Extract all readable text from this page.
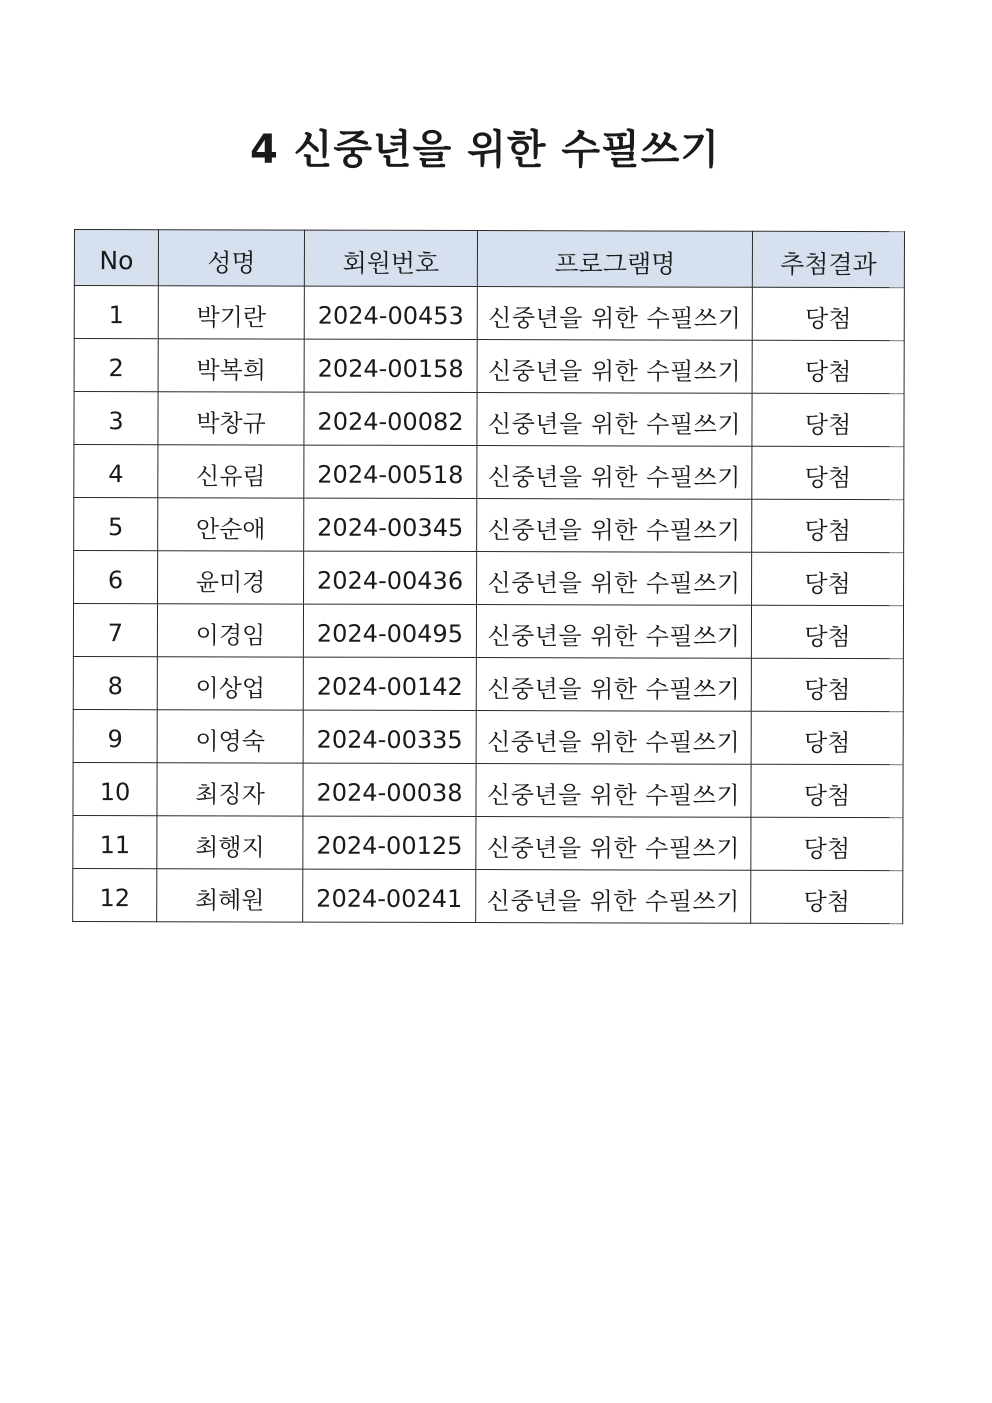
4 신중년을 위한 수필쓰기
No	성명	회원번호	프로그램명	추첨결과
1	박기란	2024-00453	신중년을 위한 수필쓰기	당첨
2	박복희	2024-00158	신중년을 위한 수필쓰기	당첨
3	박창규	2024-00082	신중년을 위한 수필쓰기	당첨
4	신유림	2024-00518	신중년을 위한 수필쓰기	당첨
5	안순애	2024-00345	신중년을 위한 수필쓰기	당첨
6	윤미경	2024-00436	신중년을 위한 수필쓰기	당첨
7	이경임	2024-00495	신중년을 위한 수필쓰기	당첨
8	이상업	2024-00142	신중년을 위한 수필쓰기	당첨
9	이영숙	2024-00335	신중년을 위한 수필쓰기	당첨
10	최징자	2024-00038	신중년을 위한 수필쓰기	당첨
11	최행지	2024-00125	신중년을 위한 수필쓰기	당첨
12	최혜원	2024-00241	신중년을 위한 수필쓰기	당첨
